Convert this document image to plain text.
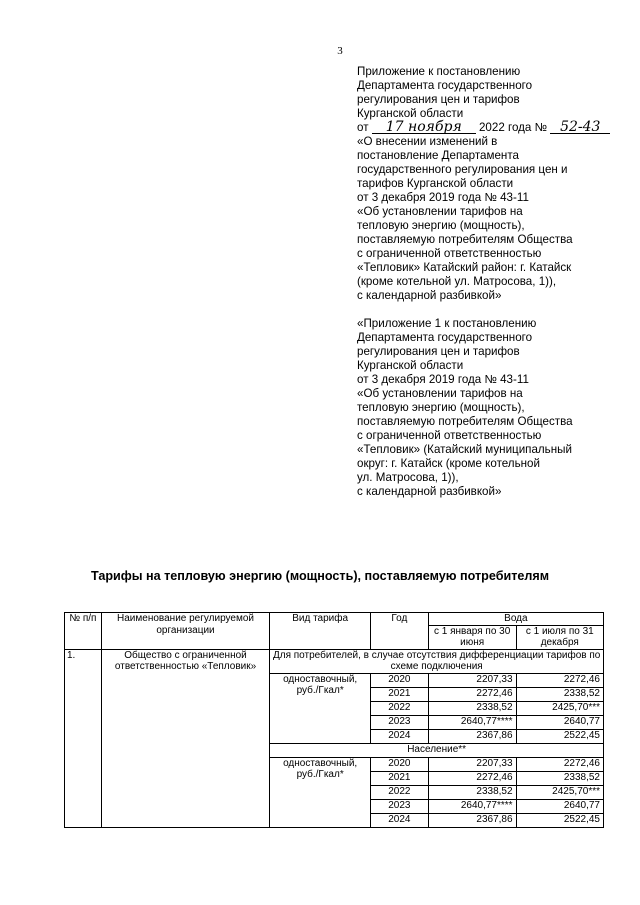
3
Приложение к постановлению
Департамента государственного
регулирования цен и тарифов
Курганской области
от 17 ноября 2022 года № 52-43
«О внесении изменений в
постановление Департамента
государственного регулирования цен и
тарифов Курганской области
от 3 декабря 2019 года № 43-11
«Об установлении тарифов на
тепловую энергию (мощность),
поставляемую потребителям Общества
с ограниченной ответственностью
«Тепловик» Катайский район: г. Катайск
(кроме котельной ул. Матросова, 1)),
с календарной разбивкой»
«Приложение 1 к постановлению
Департамента государственного
регулирования цен и тарифов
Курганской области
от 3 декабря 2019 года № 43-11
«Об установлении тарифов на
тепловую энергию (мощность),
поставляемую потребителям Общества
с ограниченной ответственностью
«Тепловик» (Катайский муниципальный
округ: г. Катайск (кроме котельной
ул. Матросова, 1)),
с календарной разбивкой»
Тарифы на тепловую энергию (мощность), поставляемую потребителям
№ п/п	Наименование регулируемой организации	Вид тарифа	Год	Вода	
				с 1 января по 30 июня	с 1 июля по 31 декабря
1.	Общество с ограниченной ответственностью «Тепловик»	Для потребителей, в случае отсутствия дифференциации тарифов по схеме подключения			
		одноставочный, руб./Гкал*	2020	2207,33	2272,46
			2021	2272,46	2338,52
			2022	2338,52	2425,70***
			2023	2640,77****	2640,77
			2024	2367,86	2522,45
		Население**			
		одноставочный, руб./Гкал*	2020	2207,33	2272,46
			2021	2272,46	2338,52
			2022	2338,52	2425,70***
			2023	2640,77****	2640,77
			2024	2367,86	2522,45
